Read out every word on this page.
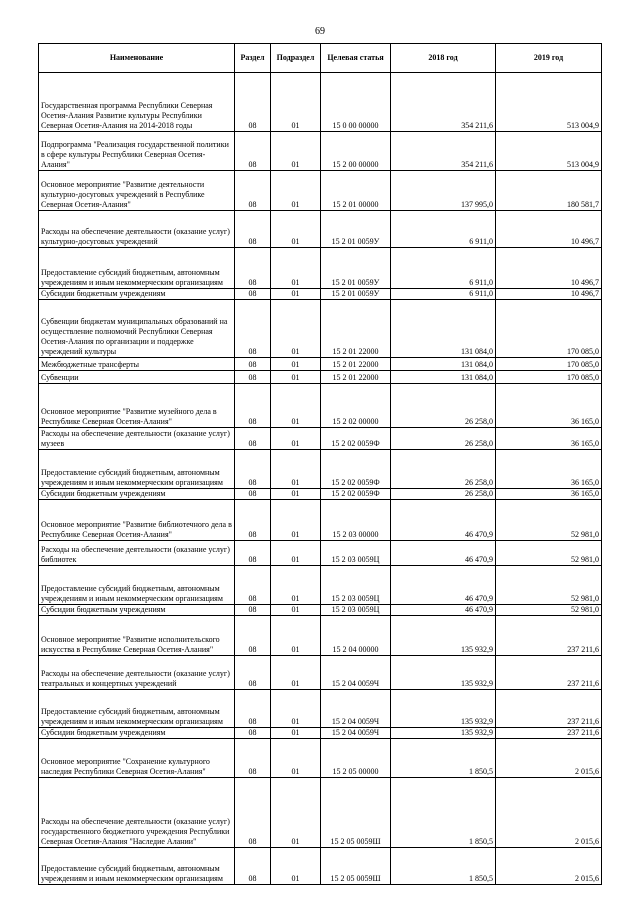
69
Наименование	Раздел	Подраздел	Целевая статья	2018 год	2019 год
Государственная программа Республики Северная Осетия-Алания Развитие культуры Республики Северная Осетия-Алания на 2014-2018 годы	08	01	15 0 00 00000	354 211,6	513 004,9
Подпрограмма "Реализация государственной политики в сфере культуры Республики Северная Осетия-Алания"	08	01	15 2 00 00000	354 211,6	513 004,9
Основное мероприятие "Развитие деятельности культурно-досуговых учреждений в Республике Северная Осетия-Алания"	08	01	15 2 01 00000	137 995,0	180 581,7
Расходы на обеспечение деятельности (оказание услуг) культурно-досуговых учреждений	08	01	15 2 01 0059У	6 911,0	10 496,7
Предоставление субсидий бюджетным, автономным учреждениям и иным некоммерческим организациям	08	01	15 2 01 0059У	6 911,0	10 496,7
Субсидии бюджетным учреждениям	08	01	15 2 01 0059У	6 911,0	10 496,7
Субвенции бюджетам муниципальных образований на осуществление полномочий Республики Северная Осетия-Алания по организации и поддержке учреждений культуры	08	01	15 2 01 22000	131 084,0	170 085,0
Межбюджетные трансферты	08	01	15 2 01 22000	131 084,0	170 085,0
Субвенции	08	01	15 2 01 22000	131 084,0	170 085,0
Основное мероприятие "Развитие музейного дела в Республике Северная Осетия-Алания"	08	01	15 2 02 00000	26 258,0	36 165,0
Расходы на обеспечение деятельности (оказание услуг) музеев	08	01	15 2 02 0059Ф	26 258,0	36 165,0
Предоставление субсидий бюджетным, автономным учреждениям и иным некоммерческим организациям	08	01	15 2 02 0059Ф	26 258,0	36 165,0
Субсидии бюджетным учреждениям	08	01	15 2 02 0059Ф	26 258,0	36 165,0
Основное мероприятие "Развитие библиотечного дела в Республике Северная Осетия-Алания"	08	01	15 2 03 00000	46 470,9	52 981,0
Расходы на обеспечение деятельности (оказание услуг) библиотек	08	01	15 2 03 0059Ц	46 470,9	52 981,0
Предоставление субсидий бюджетным, автономным учреждениям и иным некоммерческим организациям	08	01	15 2 03 0059Ц	46 470,9	52 981,0
Субсидии бюджетным учреждениям	08	01	15 2 03 0059Ц	46 470,9	52 981,0
Основное мероприятие "Развитие исполнительского искусства в Республике Северная Осетия-Алания"	08	01	15 2 04 00000	135 932,9	237 211,6
Расходы на обеспечение деятельности (оказание услуг) театральных и концертных учреждений	08	01	15 2 04 0059Ч	135 932,9	237 211,6
Предоставление субсидий бюджетным, автономным учреждениям и иным некоммерческим организациям	08	01	15 2 04 0059Ч	135 932,9	237 211,6
Субсидии бюджетным учреждениям	08	01	15 2 04 0059Ч	135 932,9	237 211,6
Основное мероприятие "Сохранение культурного наследия Республики Северная Осетия-Алания"	08	01	15 2 05 00000	1 850,5	2 015,6
Расходы на обеспечение деятельности (оказание услуг) государственного бюджетного учреждения Республики Северная Осетия-Алания "Наследие Алании"	08	01	15 2 05 0059Ш	1 850,5	2 015,6
Предоставление субсидий бюджетным, автономным учреждениям и иным некоммерческим организациям	08	01	15 2 05 0059Ш	1 850,5	2 015,6
